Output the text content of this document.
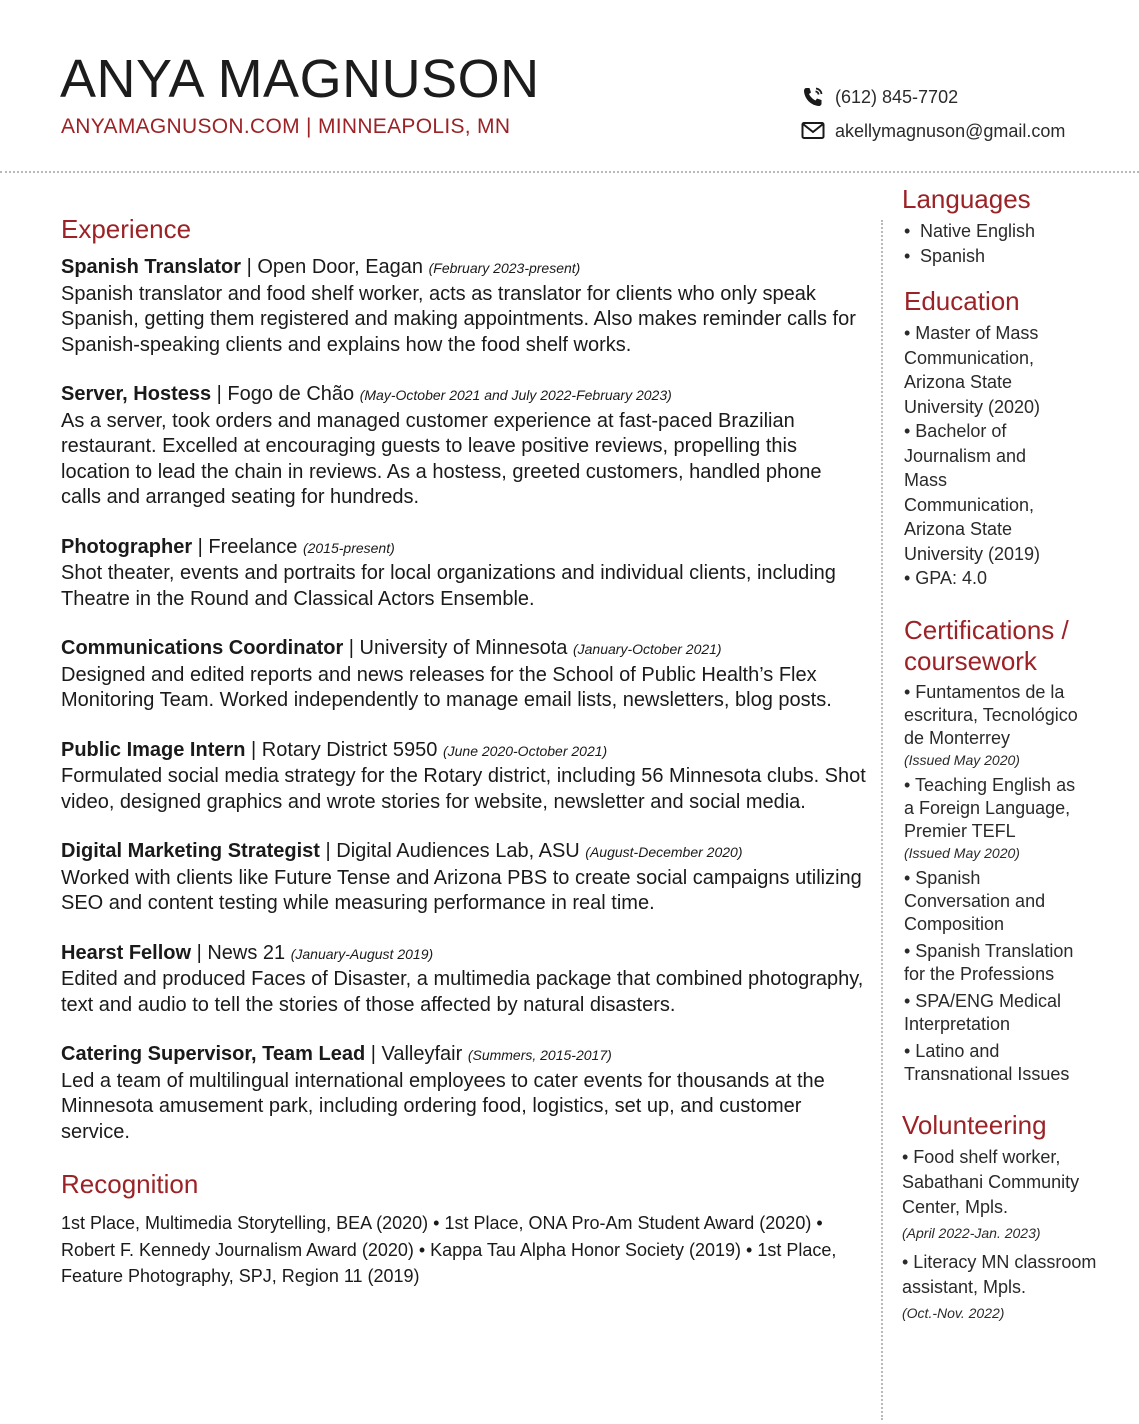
ANYA MAGNUSON
ANYAMAGNUSON.COM | MINNEAPOLIS, MN
(612) 845-7702
akellymagnuson@gmail.com
Experience
Spanish Translator | Open Door, Eagan (February 2023-present)

Spanish translator and food shelf worker, acts as translator for clients who only speak Spanish, getting them registered and making appointments. Also makes reminder calls for Spanish-speaking clients and explains how the food shelf works.

Server, Hostess | Fogo de Chão (May-October 2021 and July 2022-February 2023)

As a server, took orders and managed customer experience at fast-paced Brazilian restaurant. Excelled at encouraging guests to leave positive reviews, propelling this location to lead the chain in reviews. As a hostess, greeted customers, handled phone calls and arranged seating for hundreds.

Photographer | Freelance (2015-present)

Shot theater, events and portraits for local organizations and individual clients, including Theatre in the Round and Classical Actors Ensemble.

Communications Coordinator | University of Minnesota (January-October 2021)

Designed and edited reports and news releases for the School of Public Health’s Flex Monitoring Team. Worked independently to manage email lists, newsletters, blog posts.

Public Image Intern | Rotary District 5950 (June 2020-October 2021)

Formulated social media strategy for the Rotary district, including 56 Minnesota clubs. Shot video, designed graphics and wrote stories for website, newsletter and social media.

Digital Marketing Strategist | Digital Audiences Lab, ASU (August-December 2020)

Worked with clients like Future Tense and Arizona PBS to create social campaigns utilizing SEO and content testing while measuring performance in real time.

Hearst Fellow | News 21 (January-August 2019)

Edited and produced Faces of Disaster, a multimedia package that combined photography, text and audio to tell the stories of those affected by natural disasters.

Catering Supervisor, Team Lead | Valleyfair (Summers, 2015-2017)

Led a team of multilingual international employees to cater events for thousands at the Minnesota amusement park, including ordering food, logistics, set up, and customer service.

Recognition
1st Place, Multimedia Storytelling, BEA (2020) • 1st Place, ONA Pro-Am Student Award (2020) • Robert F. Kennedy Journalism Award (2020) • Kappa Tau Alpha Honor Society (2019) • 1st Place, Feature Photography, SPJ, Region 11 (2019)
Languages
• Native English
• Spanish
Education
• Master of Mass Communication, Arizona State University (2020)
• Bachelor of Journalism and Mass Communication, Arizona State University (2019)
• GPA: 4.0
Certifications / coursework
• Funtamentos de la escritura, Tecnológico de Monterrey
(Issued May 2020)
• Teaching English as a Foreign Language, Premier TEFL
(Issued May 2020)
• Spanish Conversation and Composition
• Spanish Translation for the Professions
• SPA/ENG Medical Interpretation
• Latino and Transnational Issues
Volunteering
• Food shelf worker, Sabathani Community Center, Mpls.
(April 2022-Jan. 2023)
• Literacy MN classroom assistant, Mpls.
(Oct.-Nov. 2022)
